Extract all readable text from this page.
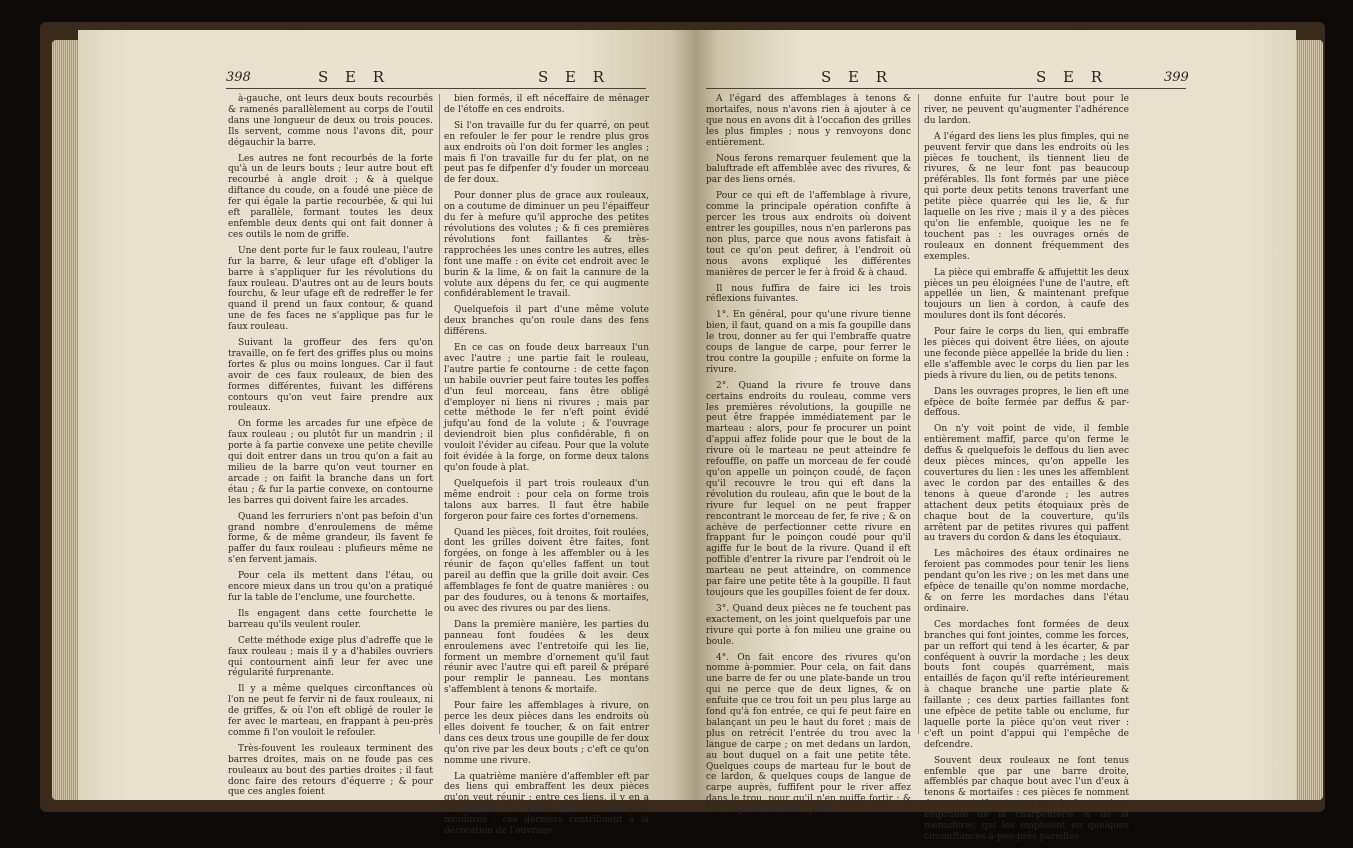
398	S E R	S E R

à-gauche, ont leurs deux bouts recourbés & ramenés parallèlement au corps de l'outil dans une longueur de deux ou trois pouces. Ils servent, comme nous l'avons dit, pour dégauchir la barre.

Les autres ne font recourbés de la forte qu'à un de leurs bouts ; leur autre bout eft recourbé à angle droit ; & à quelque diftance du coude, on a foudé une pièce de fer qui égale la partie recourbée, & qui lui eft parallèle, formant toutes les deux enfemble deux dents qui ont fait donner à ces outils le nom de griffe.

Une dent porte fur le faux rouleau, l'autre fur la barre, & leur ufage eft d'obliger la barre à s'appliquer fur les révolutions du faux rouleau. D'autres ont au de leurs bouts fourchu, & leur ufage eft de redreffer le fer quand il prend un faux contour, & quand une de fes faces ne s'applique pas fur le faux rouleau.

Suivant la groffeur des fers qu'on travaille, on fe fert des griffes plus ou moins fortes & plus ou moins longues. Car il faut avoir de ces faux rouleaux, de bien des formes différentes, fuivant les différens contours qu'on veut faire prendre aux rouleaux.

On forme les arcades fur une efpèce de faux rouleau ; ou plutôt fur un mandrin ; il porte à fa partie convexe une petite cheville qui doit entrer dans un trou qu'on a fait au milieu de la barre qu'on veut tourner en arcade ; on faifit la branche dans un fort étau ; & fur la partie convexe, on contourne les barres qui doivent faire les arcades.

Quand les ferruriers n'ont pas befoin d'un grand nombre d'enroulemens de même forme, & de même grandeur, ils favent fe paffer du faux rouleau : plufieurs même ne s'en fervent jamais.

Pour cela ils mettent dans l'étau, ou encore mieux dans un trou qu'on a pratiqué fur la table de l'enclume, une fourchette.

Ils engagent dans cette fourchette le barreau qu'ils veulent rouler.

Cette méthode exige plus d'adreffe que le faux rouleau ; mais il y a d'habiles ouvriers qui contournent ainfi leur fer avec une régularité furprenante.

Il y a même quelques circonftances où l'on ne peut fe fervir ni de faux rouleaux, ni de griffes, & où l'on eft obligé de rouler le fer avec le marteau, en frappant à peu-près comme fi l'on vouloit le refouler.

Très-fouvent les rouleaux terminent des barres droites, mais on ne foude pas ces rouleaux au bout des parties droites ; il faut donc faire des retours d'équerre ; & pour que ces angles foient

bien formés, il eft néceffaire de ménager de l'étoffe en ces endroits.

Si l'on travaille fur du fer quarré, on peut en refouler le fer pour le rendre plus gros aux endroits où l'on doit former les angles ; mais fi l'on travaille fur du fer plat, on ne peut pas fe difpenfer d'y fouder un morceau de fer doux.

Pour donner plus de grace aux rouleaux, on a coutume de diminuer un peu l'épaiffeur du fer à mefure qu'il approche des petites révolutions des volutes ; & fi ces premières révolutions font faillantes & très-rapprochées les unes contre les autres, elles font une maffe : on évite cet endroit avec le burin & la lime, & on fait la cannure de la volute aux dépens du fer, ce qui augmente confidérablement le travail.

Quelquefois il part d'une même volute deux branches qu'on roule dans des fens différens.

En ce cas on foude deux barreaux l'un avec l'autre ; une partie fait le rouleau, l'autre partie fe contourne : de cette façon un habile ouvrier peut faire toutes les poffes d'un feul morceau, fans être obligé d'employer ni liens ni rivures ; mais par cette méthode le fer n'eft point évidé jufqu'au fond de la volute ; & l'ouvrage deviendroit bien plus confidérable, fi on vouloit l'évider au cifeau. Pour que la volute foit évidée à la forge, on forme deux talons qu'on foude à plat.

Quelquefois il part trois rouleaux d'un même endroit : pour cela on forme trois talons aux barres. Il faut être habile forgeron pour faire ces fortes d'ornemens.

Quand les pièces, foit droites, foit roulées, dont les grilles doivent être faites, font forgées, on fonge à les affembler ou à les réunir de façon qu'elles faffent un tout pareil au deffin que la grille doit avoir. Ces affemblages fe font de quatre manières : ou par des foudures, ou à tenons & mortaifes, ou avec des rivures ou par des liens.

Dans la première manière, les parties du panneau font foudées & les deux enroulemens avec l'entretoife qui les lie, forment un membre d'ornement qu'il faut réunir avec l'autre qui eft pareil & préparé pour remplir le panneau. Les montans s'affemblent à tenons & mortaife.

Pour faire les affemblages à rivure, on perce les deux pièces dans les endroits où elles doivent fe toucher, & on fait entrer dans ces deux trous une goupille de fer doux qu'on rive par les deux bouts ; c'eft ce qu'on nomme une rivure.

La quatrième manière d'affembler eft par des liens qui embraffent les deux pièces qu'on veut réunir ; entre ces liens, il y en a de fimples, & d'autres qui font ornés de moulures : ces derniers contribuent à la décoration de l'ouvrage.

S E R	S E R	399

A l'égard des affemblages à tenons & mortaifes, nous n'avons rien à ajouter à ce que nous en avons dit à l'occafion des grilles les plus fimples ; nous y renvoyons donc entièrement.

Nous ferons remarquer feulement que la baluftrade eft affemblée avec des rivures, & par des liens ornés.

Pour ce qui eft de l'affemblage à rivure, comme la principale opération confifte à percer les trous aux endroits où doivent entrer les goupilles, nous n'en parlerons pas non plus, parce que nous avons fatisfait à tout ce qu'on peut defirer, à l'endroit où nous avons expliqué les différentes manières de percer le fer à froid & à chaud.

Il nous fuffira de faire ici les trois réflexions fuivantes.

1°. En général, pour qu'une rivure tienne bien, il faut, quand on a mis fa goupille dans le trou, donner au fer qui l'embraffe quatre coups de langue de carpe, pour ferrer le trou contre la goupille ; enfuite on forme la rivure.

2°. Quand la rivure fe trouve dans certains endroits du rouleau, comme vers les premières révolutions, la goupille ne peut être frappée immédiatement par le marteau : alors, pour fe procurer un point d'appui affez folide pour que le bout de la rivure où le marteau ne peut atteindre fe refouffle, on paffe un morceau de fer coudé qu'on appelle un poinçon coudé, de façon qu'il recouvre le trou qui eft dans la révolution du rouleau, afin que le bout de la rivure fur lequel on ne peut frapper rencontrant le morceau de fer, fe rive ; & on achève de perfectionner cette rivure en frappant fur le poinçon coudé pour qu'il agiffe fur le bout de la rivure. Quand il eft poffible d'entrer la rivure par l'endroit où le marteau ne peut atteindre, on commence par faire une petite tête à la goupille. Il faut toujours que les goupilles foient de fer doux.

3°. Quand deux pièces ne fe touchent pas exactement, on les joint quelquefois par une rivure qui porte à fon milieu une graine ou boule.

4°. On fait encore des rivures qu'on nomme à-pommier. Pour cela, on fait dans une barre de fer ou une plate-bande un trou qui ne perce que de deux lignes, & on enfuite que ce trou foit un peu plus large au fond qu'à fon entrée, ce qui fe peut faire en balançant un peu le haut du foret ; mais de plus on retrécit l'entrée du trou avec la langue de carpe ; on met dedans un lardon, au bout duquel on a fait une petite tête. Quelques coups de marteau fur le bout de ce lardon, & quelques coups de langue de carpe auprès, fuffifent pour le river affez dans le trou, pour qu'il n'en puiffe fortir ; & les coups de marteau qu'on

donne enfuite fur l'autre bout pour le river, ne peuvent qu'augmenter l'adhérence du lardon.

A l'égard des liens les plus fimples, qui ne peuvent fervir que dans les endroits où les pièces fe touchent, ils tiennent lieu de rivures, & ne leur font pas beaucoup préférables. Ils font formés par une pièce qui porte deux petits tenons traverfant une petite pièce quarrée qui les lie, & fur laquelle on les rive ; mais il y a des pièces qu'on lie enfemble, quoique les ne fe touchent pas : les ouvrages ornés de rouleaux en donnent fréquemment des exemples.

La pièce qui embraffe & affujettit les deux pièces un peu éloignées l'une de l'autre, eft appellée un lien, & maintenant prefque toujours un lien à cordon, à caufe des moulures dont ils font décorés.

Pour faire le corps du lien, qui embraffe les pièces qui doivent être liées, on ajoute une feconde pièce appellée la bride du lien : elle s'affemble avec le corps du lien par les pieds à rivure du lien, ou de petits tenons.

Dans les ouvrages propres, le lien eft une efpèce de boîte fermée par deffus & par-deffous.

On n'y voit point de vide, il femble entièrement maffif, parce qu'on ferme le deffus & quelquefois le deffous du lien avec deux pièces minces, qu'on appelle les couvertures du lien : les unes les affemblent avec le cordon par des entailles & des tenons à queue d'aronde ; les autres attachent deux petits étoquiaux près de chaque bout de la couverture, qu'ils arrêtent par de petites rivures qui paffent au travers du cordon & dans les étoquiaux.

Les mâchoires des étaux ordinaires ne feroient pas commodes pour tenir les liens pendant qu'on les rive ; on les met dans une efpèce de tenaille qu'on nomme mordache, & on ferre les mordaches dans l'étau ordinaire.

Ces mordaches font formées de deux branches qui font jointes, comme les forces, par un reffort qui tend à les écarter, & par conféquent à ouvrir la mordache ; les deux bouts font coupés quarrément, mais entaillés de façon qu'il refte intérieurement à chaque branche une partie plate & faillante ; ces deux parties faillantes font une efpèce de petite table ou enclume, fur laquelle porte la pièce qu'on veut river : c'eft un point d'appui qui l'empêche de defcendre.

Souvent deux rouleaux ne font tenus enfemble que par une barre droite, affemblés par chaque bout avec l'un d'eux à tenons & mortaifes : ces pièces fe nomment des entre-toifes, terme que la ferrurerie a emprunté de la charpenterie & de la menuiferie, qui les emploient en quelques circonftances à-peu-près pareilles.
